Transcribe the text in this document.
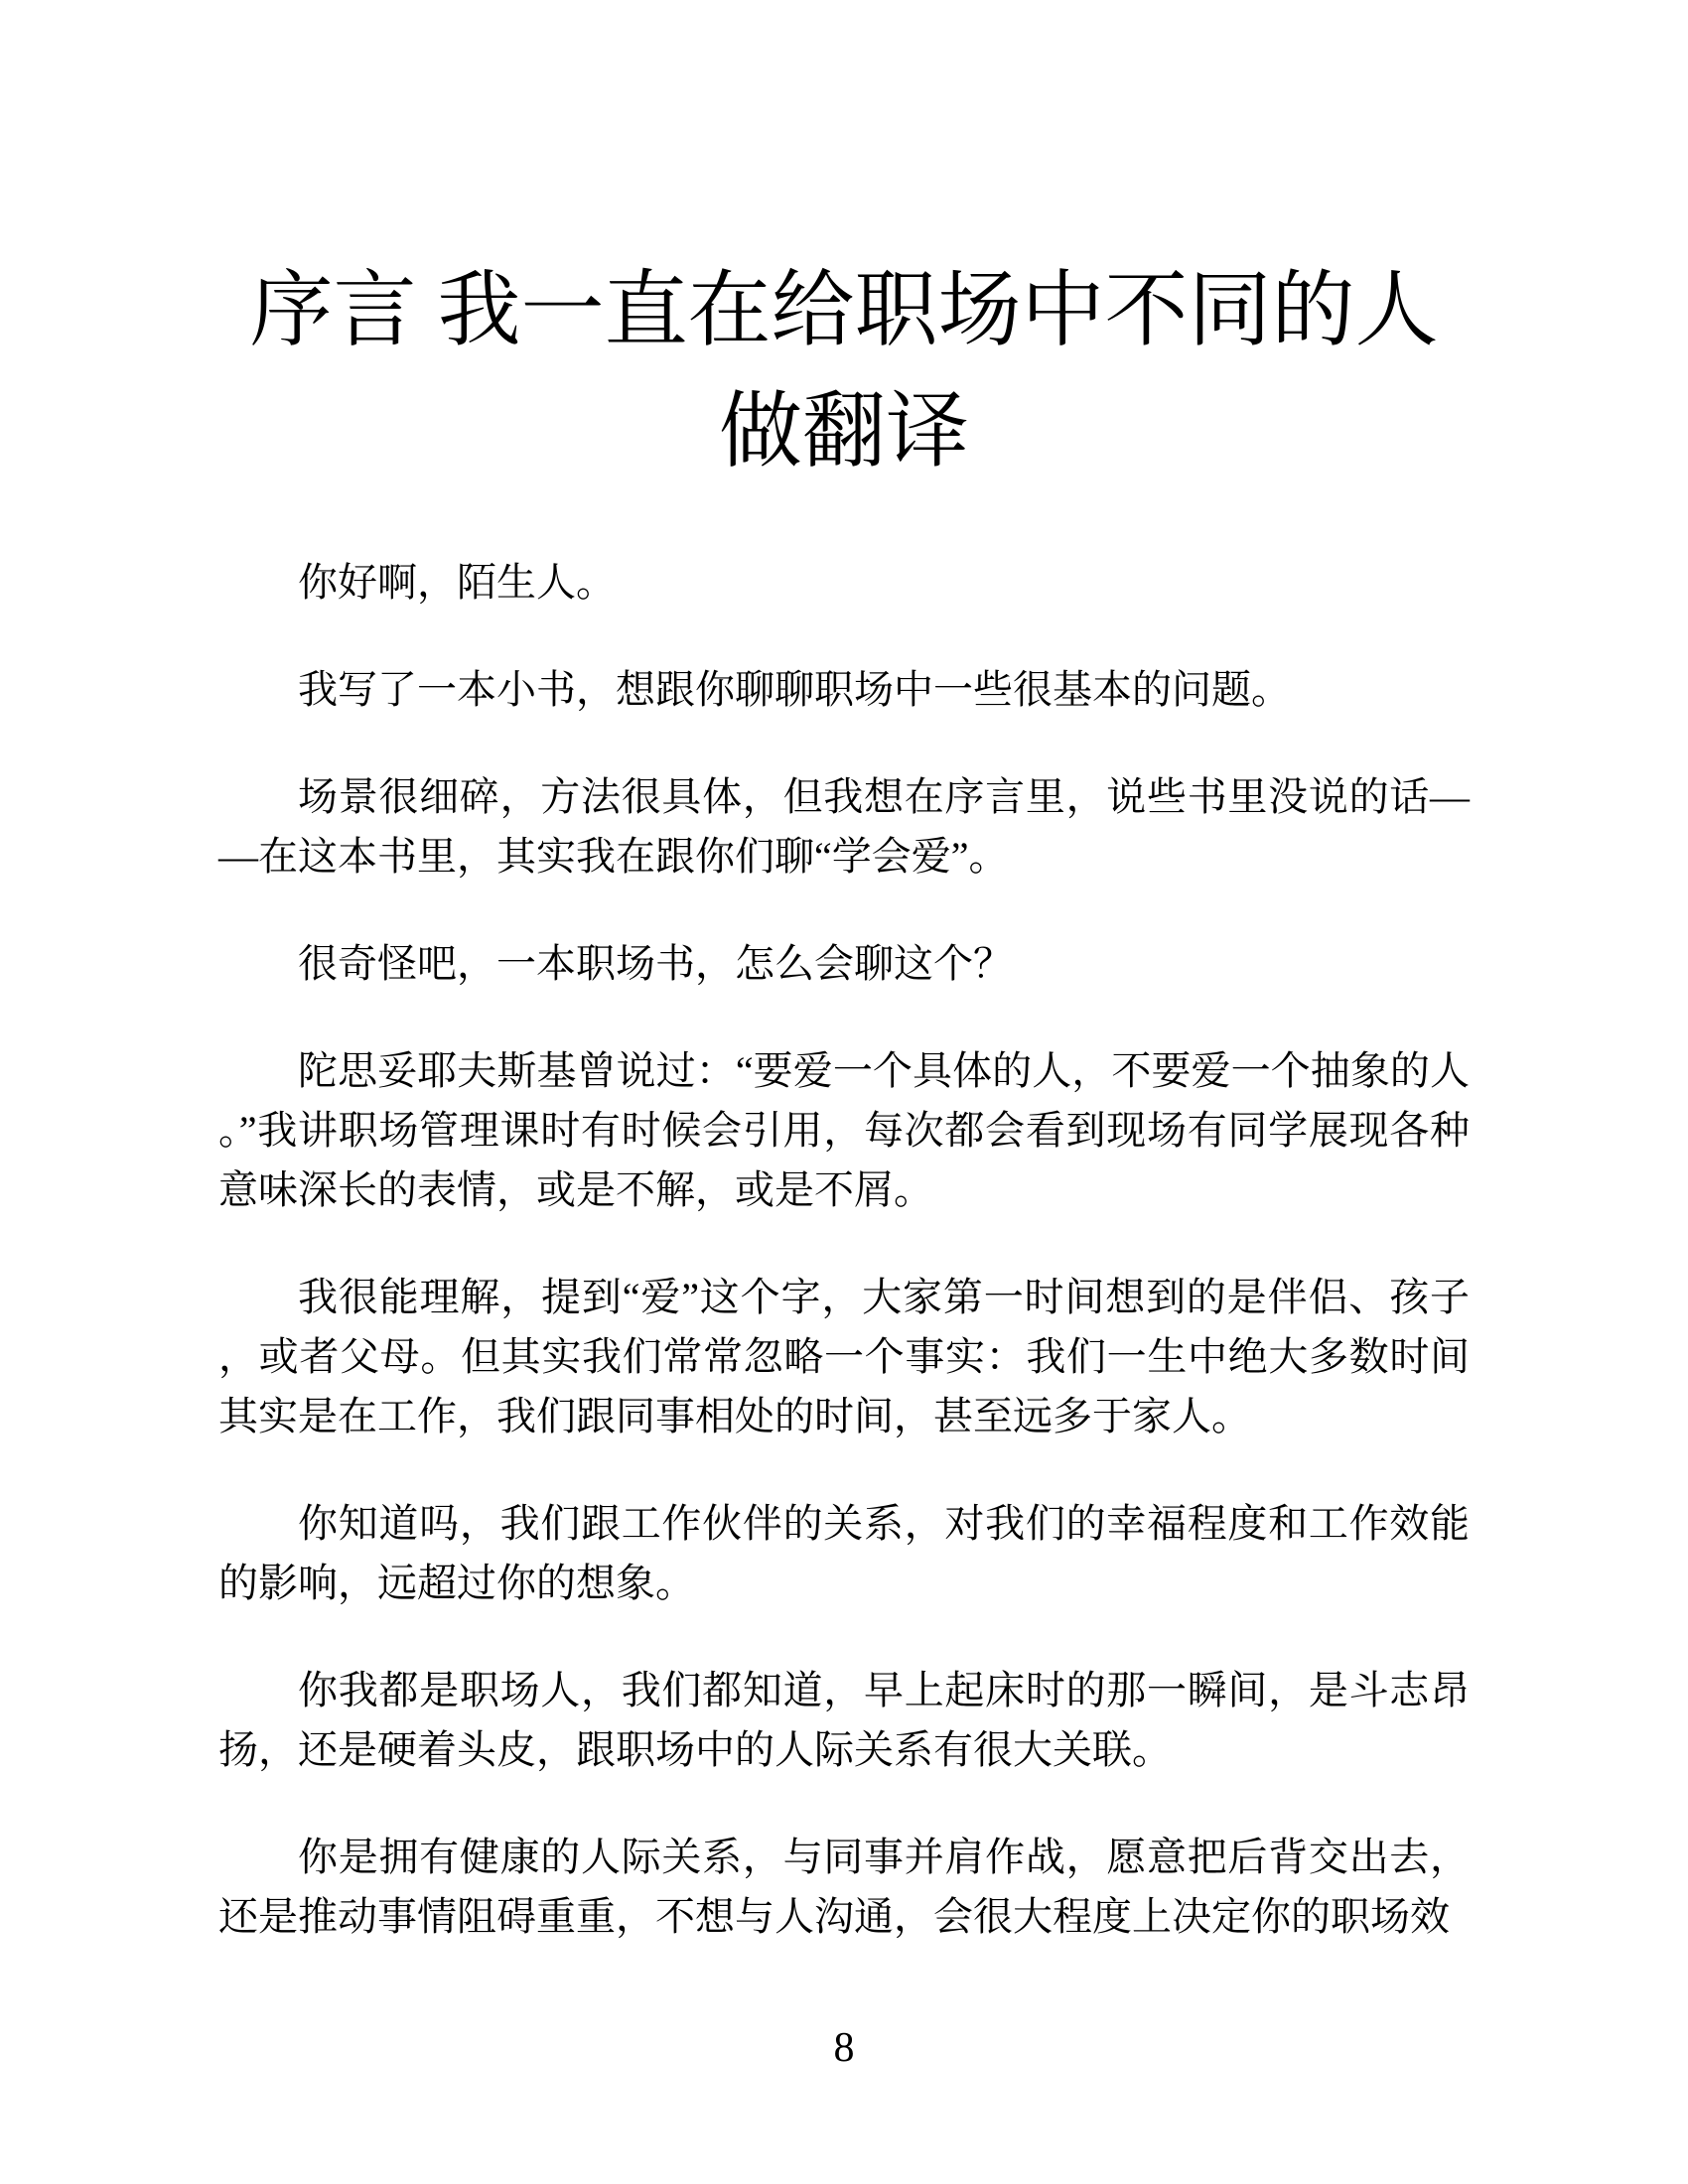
序言 我一直在给职场中不同的人做翻译

你好啊，陌生人。

我写了一本小书，想跟你聊聊职场中一些很基本的问题。

场景很细碎，方法很具体，但我想在序言里，说些书里没说的话——在这本书里，其实我在跟你们聊“学会爱”。

很奇怪吧，一本职场书，怎么会聊这个？

陀思妥耶夫斯基曾说过：“要爱一个具体的人，不要爱一个抽象的人。”我讲职场管理课时有时候会引用，每次都会看到现场有同学展现各种意味深长的表情，或是不解，或是不屑。

我很能理解，提到“爱”这个字，大家第一时间想到的是伴侣、孩子，或者父母。但其实我们常常忽略一个事实：我们一生中绝大多数时间其实是在工作，我们跟同事相处的时间，甚至远多于家人。

你知道吗，我们跟工作伙伴的关系，对我们的幸福程度和工作效能的影响，远超过你的想象。

你我都是职场人，我们都知道，早上起床时的那一瞬间，是斗志昂扬，还是硬着头皮，跟职场中的人际关系有很大关联。

你是拥有健康的人际关系，与同事并肩作战，愿意把后背交出去，还是推动事情阻碍重重，不想与人沟通，会很大程度上决定你的职场效

8
